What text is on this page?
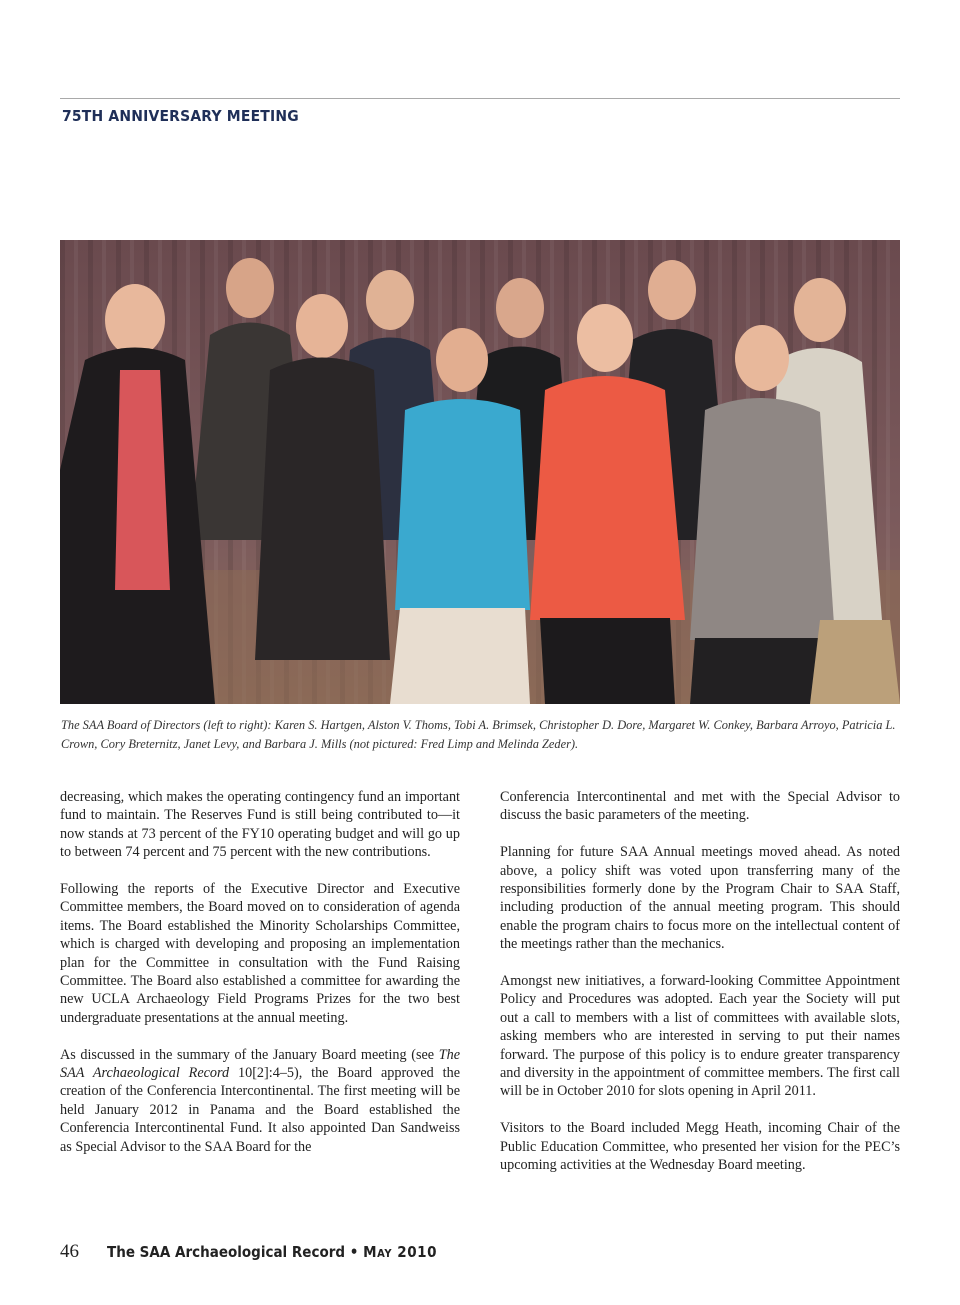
75TH ANNIVERSARY MEETING
The SAA Board of Directors (left to right): Karen S. Hartgen, Alston V. Thoms, Tobi A. Brimsek, Christopher D. Dore, Margaret W. Conkey, Barbara Arroyo, Patricia L. Crown, Cory Breternitz, Janet Levy, and Barbara J. Mills (not pictured: Fred Limp and Melinda Zeder).

decreasing, which makes the operating contingency fund an important fund to maintain. The Reserves Fund is still being contributed to—it now stands at 73 percent of the FY10 operating budget and will go up to between 74 percent and 75 percent with the new contributions.

Following the reports of the Executive Director and Executive Committee members, the Board moved on to consideration of agenda items. The Board established the Minority Scholarships Committee, which is charged with developing and proposing an implementation plan for the Committee in consultation with the Fund Raising Committee. The Board also established a committee for awarding the new UCLA Archaeology Field Programs Prizes for the two best undergraduate presentations at the annual meeting.

As discussed in the summary of the January Board meeting (see The SAA Archaeological Record 10[2]:4–5), the Board approved the creation of the Conferencia Intercontinental. The first meeting will be held January 2012 in Panama and the Board established the Conferencia Intercontinental Fund. It also appointed Dan Sandweiss as Special Advisor to the SAA Board for the

Conferencia Intercontinental and met with the Special Advisor to discuss the basic parameters of the meeting.

Planning for future SAA Annual meetings moved ahead. As noted above, a policy shift was voted upon transferring many of the responsibilities formerly done by the Program Chair to SAA Staff, including production of the annual meeting program. This should enable the program chairs to focus more on the intellectual content of the meetings rather than the mechanics.

Amongst new initiatives, a forward-looking Committee Appointment Policy and Procedures was adopted. Each year the Society will put out a call to members with a list of committees with available slots, asking members who are interested in serving to put their names forward. The purpose of this policy is to endure greater transparency and diversity in the appointment of committee members. The first call will be in October 2010 for slots opening in April 2011.

Visitors to the Board included Megg Heath, incoming Chair of the Public Education Committee, who presented her vision for the PEC’s upcoming activities at the Wednesday Board meeting.

46 The SAA Archaeological Record • May 2010
